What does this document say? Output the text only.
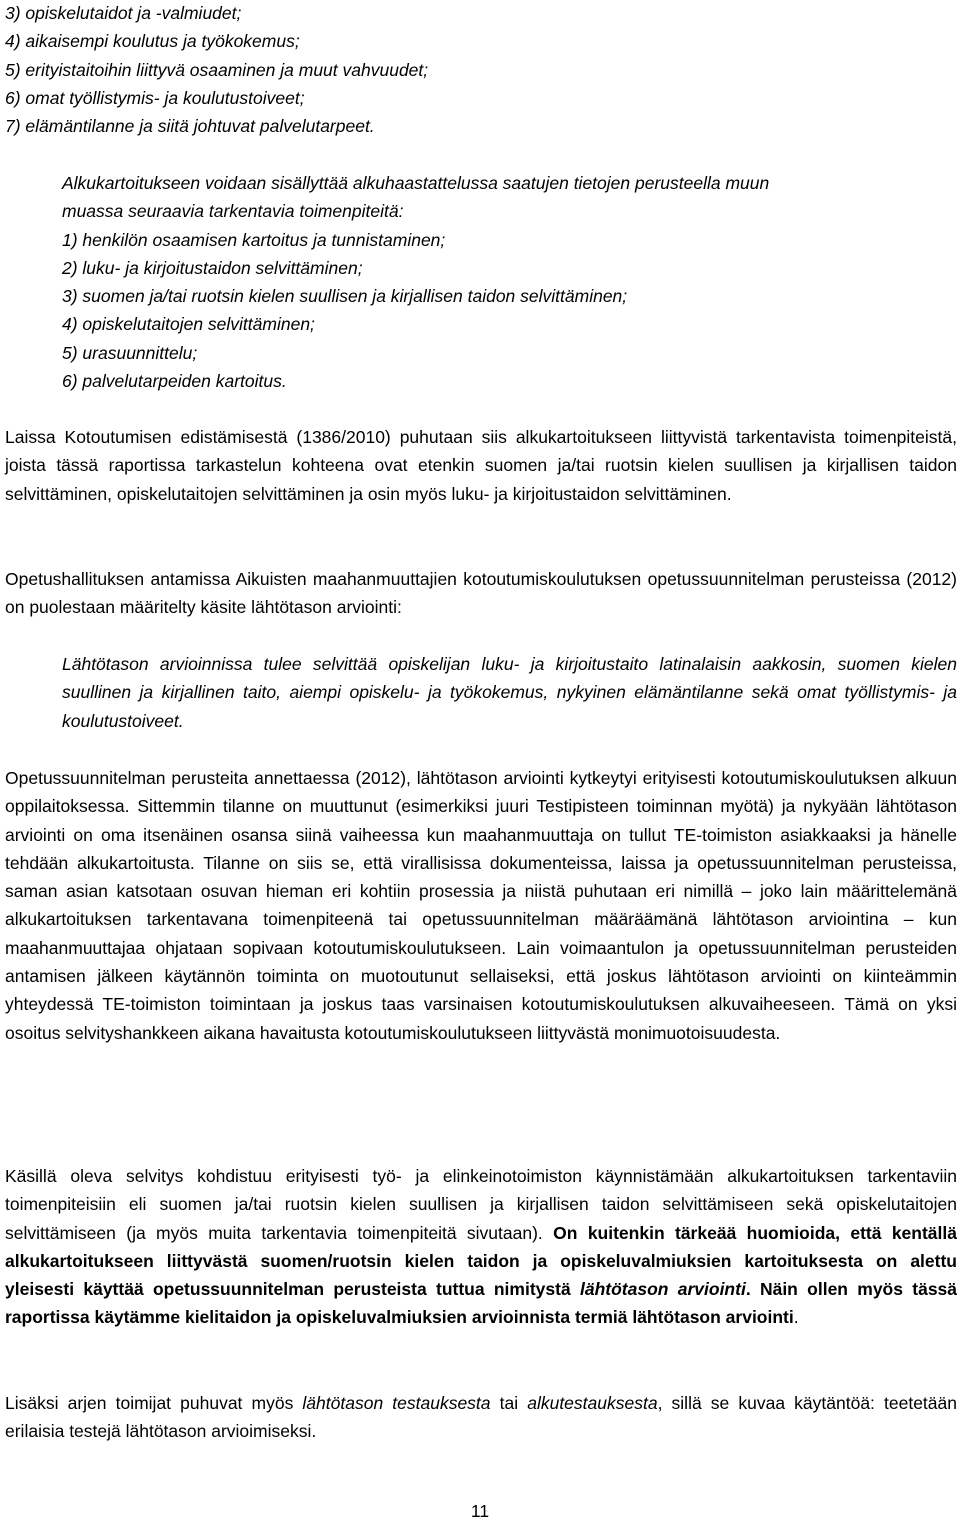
3) opiskelutaidot ja -valmiudet;
4) aikaisempi koulutus ja työkokemus;
5) erityistaitoihin liittyvä osaaminen ja muut vahvuudet;
6) omat työllistymis- ja koulutustoiveet;
7) elämäntilanne ja siitä johtuvat palvelutarpeet.
Alkukartoitukseen voidaan sisällyttää alkuhaastattelussa saatujen tietojen perusteella muun
muassa seuraavia tarkentavia toimenpiteitä:
1) henkilön osaamisen kartoitus ja tunnistaminen;
2) luku- ja kirjoitustaidon selvittäminen;
3) suomen ja/tai ruotsin kielen suullisen ja kirjallisen taidon selvittäminen;
4) opiskelutaitojen selvittäminen;
5) urasuunnittelu;
6) palvelutarpeiden kartoitus.

Laissa Kotoutumisen edistämisestä (1386/2010) puhutaan siis alkukartoitukseen liittyvistä tarkentavista toimenpiteistä, joista tässä raportissa tarkastelun kohteena ovat etenkin suomen ja/tai ruotsin kielen suullisen ja kirjallisen taidon selvittäminen, opiskelutaitojen selvittäminen ja osin myös luku- ja kirjoitustaidon selvittäminen.

Opetushallituksen antamissa Aikuisten maahanmuuttajien kotoutumiskoulutuksen opetussuunnitelman perusteissa (2012) on puolestaan määritelty käsite lähtötason arviointi:

Lähtötason arvioinnissa tulee selvittää opiskelijan luku- ja kirjoitustaito latinalaisin aakkosin, suomen kielen suullinen ja kirjallinen taito, aiempi opiskelu- ja työkokemus, nykyinen elämäntilanne sekä omat työllistymis- ja koulutustoiveet.

Opetussuunnitelman perusteita annettaessa (2012), lähtötason arviointi kytkeytyi erityisesti kotoutumiskoulutuksen alkuun oppilaitoksessa. Sittemmin tilanne on muuttunut (esimerkiksi juuri Testipisteen toiminnan myötä) ja nykyään lähtötason arviointi on oma itsenäinen osansa siinä vaiheessa kun maahanmuuttaja on tullut TE-toimiston asiakkaaksi ja hänelle tehdään alkukartoitusta. Tilanne on siis se, että virallisissa dokumenteissa, laissa ja opetussuunnitelman perusteissa, saman asian katsotaan osuvan hieman eri kohtiin prosessia ja niistä puhutaan eri nimillä – joko lain määrittelemänä alkukartoituksen tarkentavana toimenpiteenä tai opetussuunnitelman määräämänä lähtötason arviointina – kun maahanmuuttajaa ohjataan sopivaan kotoutumiskoulutukseen. Lain voimaantulon ja opetussuunnitelman perusteiden antamisen jälkeen käytännön toiminta on muotoutunut sellaiseksi, että joskus lähtötason arviointi on kiinteämmin yhteydessä TE-toimiston toimintaan ja joskus taas varsinaisen kotoutumiskoulutuksen alkuvaiheeseen. Tämä on yksi osoitus selvityshankkeen aikana havaitusta kotoutumiskoulutukseen liittyvästä monimuotoisuudesta.

Käsillä oleva selvitys kohdistuu erityisesti työ- ja elinkeinotoimiston käynnistämään alkukartoituksen tarkentaviin toimenpiteisiin eli suomen ja/tai ruotsin kielen suullisen ja kirjallisen taidon selvittämiseen sekä opiskelutaitojen selvittämiseen (ja myös muita tarkentavia toimenpiteitä sivutaan). On kuitenkin tärkeää huomioida, että kentällä alkukartoitukseen liittyvästä suomen/ruotsin kielen taidon ja opiskeluvalmiuksien kartoituksesta on alettu yleisesti käyttää opetussuunnitelman perusteista tuttua nimitystä lähtötason arviointi. Näin ollen myös tässä raportissa käytämme kielitaidon ja opiskeluvalmiuksien arvioinnista termiä lähtötason arviointi.

Lisäksi arjen toimijat puhuvat myös lähtötason testauksesta tai alkutestauksesta, sillä se kuvaa käytäntöä: teetetään erilaisia testejä lähtötason arvioimiseksi.

11
